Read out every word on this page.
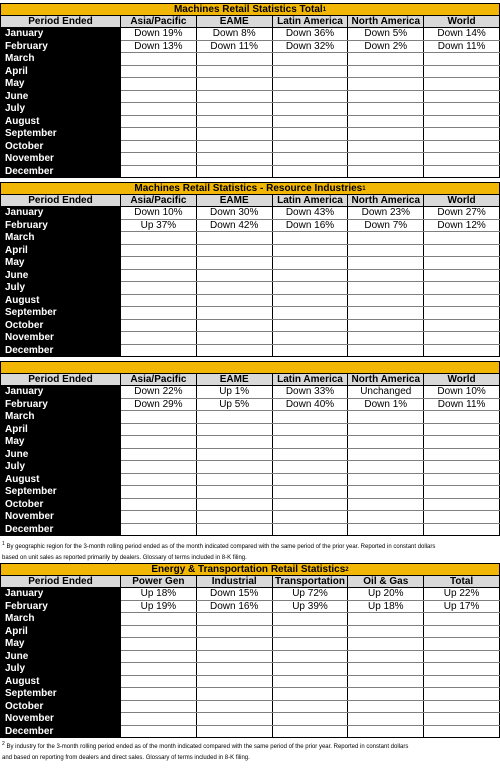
Machines Retail Statistics Total 1
Period Ended	Asia/Pacific	EAME	Latin America	North America	World
January	Down 19%	Down 8%	Down 36%	Down 5%	Down 14%
February	Down 13%	Down 11%	Down 32%	Down 2%	Down 11%
March					
April					
May					
June					
July					
August					
September					
October					
November					
December					
Machines Retail Statistics - Resource Industries 1
Period Ended	Asia/Pacific	EAME	Latin America	North America	World
January	Down 10%	Down 30%	Down 43%	Down 23%	Down 27%
February	Up 37%	Down 42%	Down 16%	Down 7%	Down 12%
March					
April					
May					
June					
July					
August					
September					
October					
November					
December					
Period Ended	Asia/Pacific	EAME	Latin America	North America	World
January	Down 22%	Up 1%	Down 33%	Unchanged	Down 10%
February	Down 29%	Up 5%	Down 40%	Down 1%	Down 11%
March					
April					
May					
June					
July					
August					
September					
October					
November					
December					
$^1$ By geographic region for the 3-month rolling period ended as of the month indicated compared with the same period of the prior year. Reported in constant dollars
based on unit sales as reported primarily by dealers. Glossary of terms included in 8-K filing.
Energy & Transportation Retail Statistics 2
Period Ended	Power Gen	Industrial	Transportation	Oil & Gas	Total
January	Up 18%	Down 15%	Up 72%	Up 20%	Up 22%
February	Up 19%	Down 16%	Up 39%	Up 18%	Up 17%
March					
April					
May					
June					
July					
August					
September					
October					
November					
December					
$^2$ By industry for the 3-month rolling period ended as of the month indicated compared with the same period of the prior year. Reported in constant dollars
and based on reporting from dealers and direct sales. Glossary of terms included in 8-K filing.
